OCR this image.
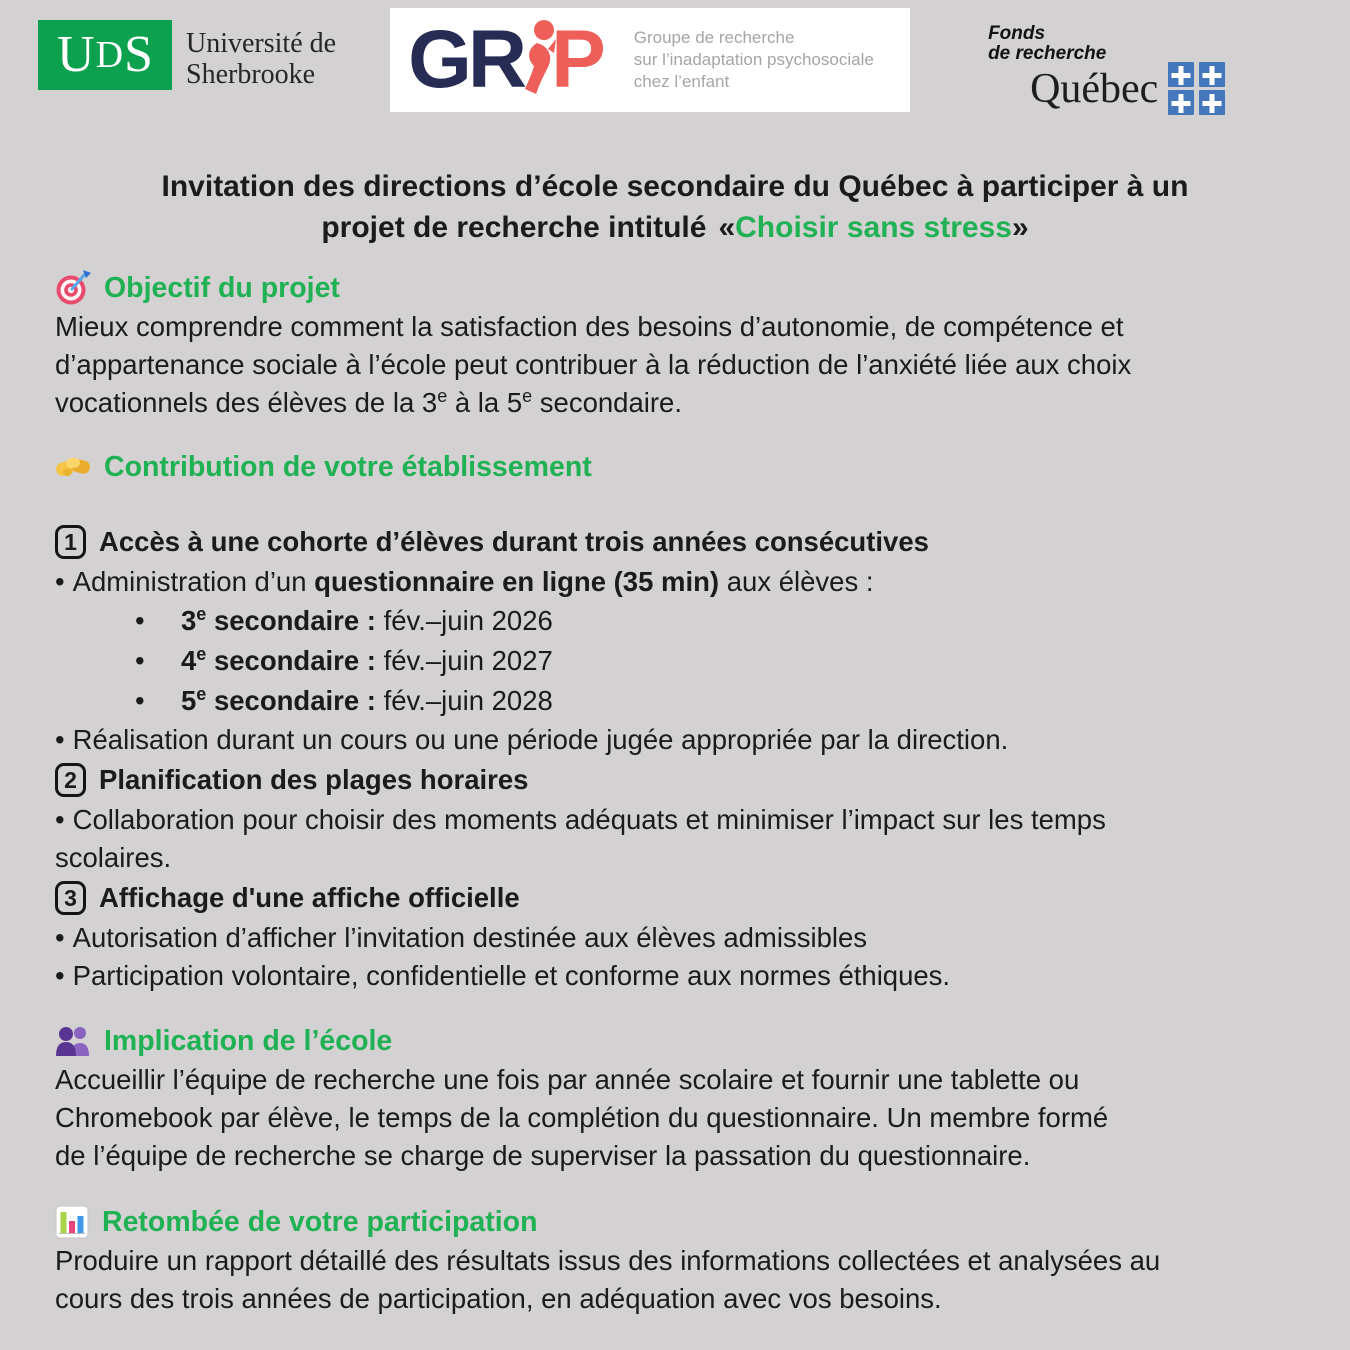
U D S Université de
Sherbrooke GR P Groupe de recherche
sur l’inadaptation psychosociale
chez l’enfant
Fonds
de recherche
Québec
Invitation des directions d’école secondaire du Québec à participer à un
projet de recherche intitulé «Choisir sans stress»
Objectif du projet

Mieux comprendre comment la satisfaction des besoins d’autonomie, de compétence et

d’appartenance sociale à l’école peut contribuer à la réduction de l’anxiété liée aux choix

vocationnels des élèves de la 3e à la 5e secondaire.

Contribution de votre établissement
1 Accès à une cohorte d’élèves durant trois années consécutives

• Administration d’un questionnaire en ligne (35 min) aux élèves :

• 3e secondaire : fév.–juin 2026
• 4e secondaire : fév.–juin 2027
• 5e secondaire : fév.–juin 2028

• Réalisation durant un cours ou une période jugée appropriée par la direction.

2 Planification des plages horaires

• Collaboration pour choisir des moments adéquats et minimiser l’impact sur les temps

scolaires.

3 Affichage d'une affiche officielle

• Autorisation d’afficher l’invitation destinée aux élèves admissibles

• Participation volontaire, confidentielle et conforme aux normes éthiques.

Implication de l’école

Accueillir l’équipe de recherche une fois par année scolaire et fournir une tablette ou

Chromebook par élève, le temps de la complétion du questionnaire. Un membre formé

de l’équipe de recherche se charge de superviser la passation du questionnaire.

Retombée de votre participation

Produire un rapport détaillé des résultats issus des informations collectées et analysées au

cours des trois années de participation, en adéquation avec vos besoins.
